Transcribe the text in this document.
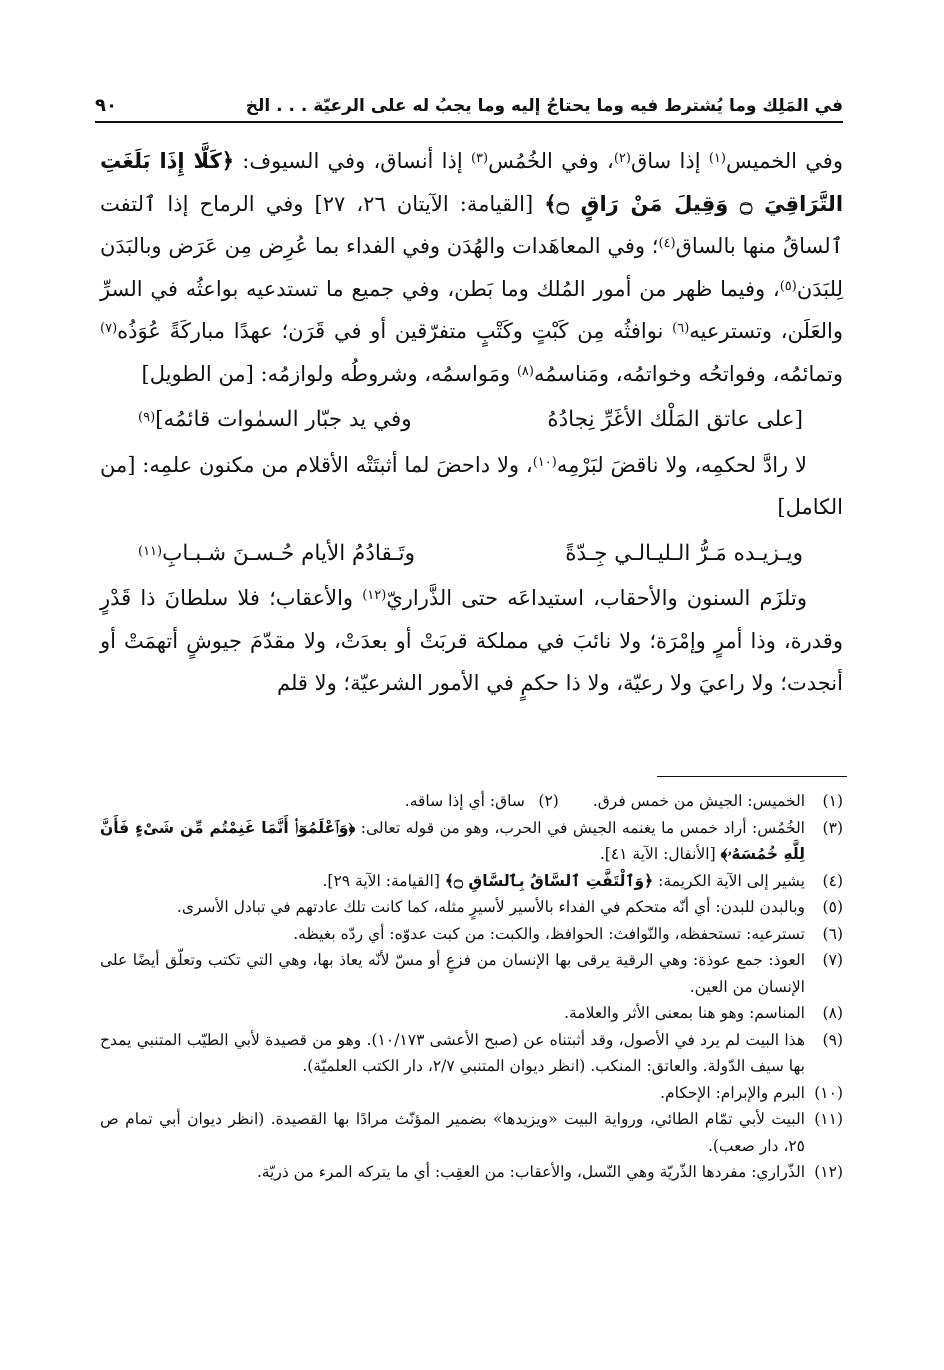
في المَلِك وما يُشترط فيه وما يحتاجُ إليه وما يجبُ له على الرعيّة . . . الخ
٩٠

وفي الخميس$^{(١)}$ إذا ساق$^{(٢)}$، وفي الخُمُس$^{(٣)}$ إذا أنساق، وفي السيوف: ﴿كَلَّا إِذَا بَلَغَتِ التَّرَاقِيَ ۝ وَقِيلَ مَنْ رَاقٍ ۝﴾ [القيامة: الآيتان ٢٦، ٢٧] وفي الرماح إذا ٱلتفت ٱلساقُ منها بالساق$^{(٤)}$؛ وفي المعاهَدات والهُدَن وفي الفداء بما عُرِض مِن عَرَض وبالبَدَن لِلبَدَن$^{(٥)}$، وفيما ظهر من أمور المُلك وما بَطن، وفي جميع ما تستدعيه بواعثُه في السرِّ والعَلَن، وتسترعيه$^{(٦)}$ نوافثُه مِن كَبْتٍ وكَتْبٍ متفرّقين أو في قَرَن؛ عهدًا مباركَةً عُوَذُه$^{(٧)}$ وتمائمُه، وفواتحُه وخواتمُه، ومَناسمُه$^{(٨)}$ ومَواسمُه، وشروطُه ولوازمُه: [من الطويل]

[على عاتق المَلْك الأغَرِّ نِجادُهُ
وفي يد جبّار السمٰوات قائمُه]$^{(٩)}$

لا رادَّ لحكمِه، ولا ناقضَ لبَرْمِه$^{(١٠)}$، ولا داحضَ لما أثبتَتْه الأقلام من مكنون علمِه: [من الكامل]

ويـزيـده مَـرُّ الـليـالـي جِـدّةً
وتَـقادُمُ الأيام حُـسـنَ شـبـابِ$^{(١١)}$

وتلزَم السنون والأحقاب، استيداعَه حتى الذَّراريّ$^{(١٢)}$ والأعقاب؛ فلا سلطانَ ذا قَدْرٍ وقدرة، وذا أمرٍ وإمْرَة؛ ولا نائبَ في مملكة قربَتْ أو بعدَتْ، ولا مقدّمَ جيوشٍ أتهمَتْ أو أنجدت؛ ولا راعيَ ولا رعيّة، ولا ذا حكمٍ في الأمور الشرعيّة؛ ولا قلم

(١)
الخميس: الجيش من خمس فرق.

(٢)
ساق: أي إذا ساقه.

(٣)
الخُمُس: أراد خمس ما يغنمه الجيش في الحرب، وهو من قوله تعالى: ﴿وَٱعْلَمُوٓا۟ أَنَّمَا غَنِمْتُم مِّن شَىْءٍ فَأَنَّ لِلَّهِ خُمُسَهُۥ﴾ [الأنفال: الآية ٤١].

(٤)
يشير إلى الآية الكريمة: ﴿وَٱلْتَفَّتِ ٱلسَّاقُ بِٱلسَّاقِ ۝﴾ [القيامة: الآية ٢٩].

(٥)
وبالبدن للبدن: أي أنّه متحكم في الفداء بالأسير لأسيرٍ مثله، كما كانت تلك عادتهم في تبادل الأسرى.

(٦)
تسترعيه: تستحفظه، والنّوافث: الحوافظ، والكبت: من كبت عدوّه: أي ردّه بغيظه.

(٧)
العوذ: جمع عوذة: وهي الرقية يرقى بها الإنسان من فزعٍ أو مسّ لأنّه يعاذ بها، وهي التي تكتب وتعلّق أيضًا على الإنسان من العين.

(٨)
المناسم: وهو هنا بمعنى الأثر والعلامة.

(٩)
هذا البيت لم يرد في الأصول، وقد أثبتناه عن (صبح الأعشى ١٠/١٧٣). وهو من قصيدة لأبي الطيّب المتنبي يمدح بها سيف الدّولة. والعاتق: المنكب. (انظر ديوان المتنبي ٢/٧، دار الكتب العلميّة).

(١٠)
البرم والإبرام: الإحكام.

(١١)
البيت لأبي تمّام الطائي، ورواية البيت «ويزيدها» بضمير المؤنّث مرادًا بها القصيدة. (انظر ديوان أبي تمام ص ٢٥، دار صعب).

(١٢)
الذّراري: مفردها الذّريّة وهي النّسل، والأعقاب: من العقِب: أي ما يتركه المرء من ذريّة.
